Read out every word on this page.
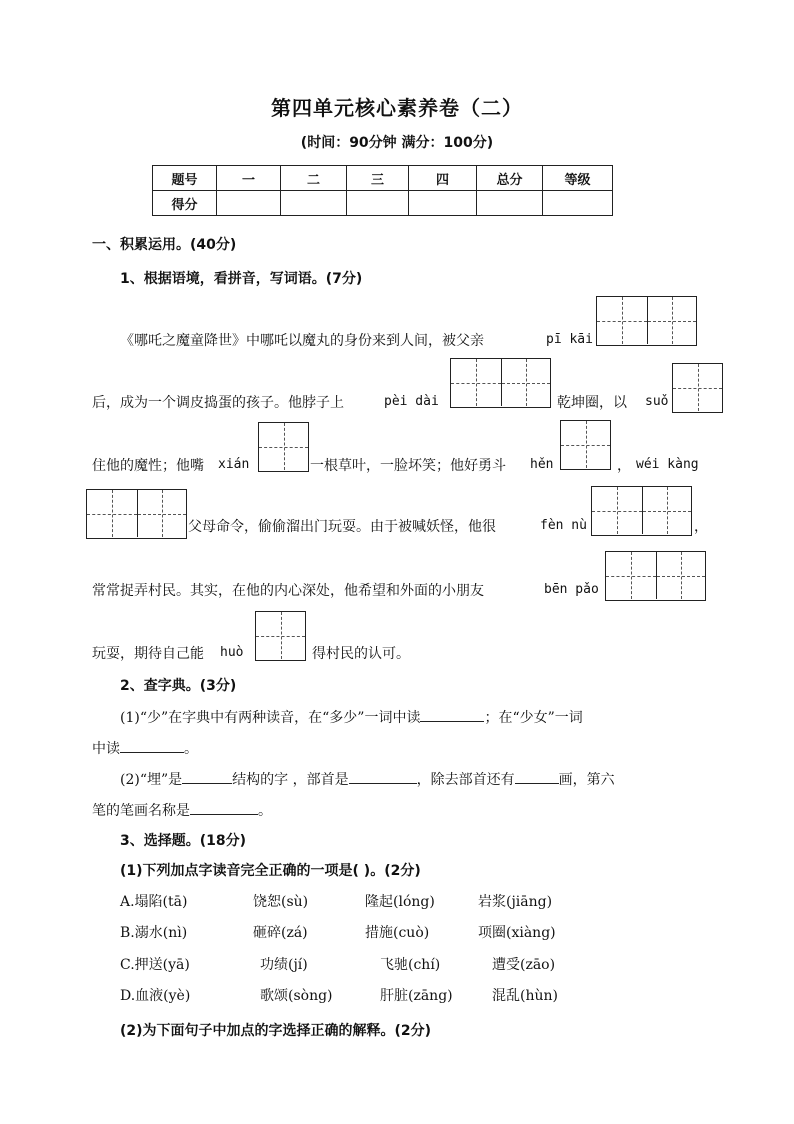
第四单元核心素养卷（二）
(时间：90分钟 满分：100分)
题号	一	二	三	四	总分	等级
得分						
一、积累运用。(40分)
1、根据语境，看拼音，写词语。(7分)
《哪吒之魔童降世》中哪吒以魔丸的身份来到人间，被父亲	pī kāi
后，成为一个调皮捣蛋的孩子。他脖子上	pèi dài	乾坤圈，以 suǒ
住他的魔性；他嘴 xián	一根草叶，一脸坏笑；他好勇斗 hěn	， wéi kàng
父母命令，偷偷溜出门玩耍。由于被喊妖怪，他很	fèn nù	，
常常捉弄村民。其实，在他的内心深处，他希望和外面的小朋友	bēn pǎo
玩耍，期待自己能 huò	得村民的认可。
2、查字典。(3分)
(1)“少”在字典中有两种读音，在“多少”一词中读	；在“少女”一词
中读	。
(2)“埋”是	结构的字 ，部首是	，除去部首还有	画，第六
笔的笔画名称是	。
3、选择题。(18分)
(1)下列加点字读音完全正确的一项是( )。(2分)
A.塌陷(tā)	饶恕(sù)	隆起(lóng)	岩浆(jiāng)
B.溺水(nì)	砸碎(zá)	措施(cuò)	项圈(xiàng)
C.押送(yā)	功绩(jí)	飞驰(chí)	遭受(zāo)
D.血液(yè)	歌颂(sòng)	肝脏(zāng)	混乱(hùn)
(2)为下面句子中加点的字选择正确的解释。(2分)
